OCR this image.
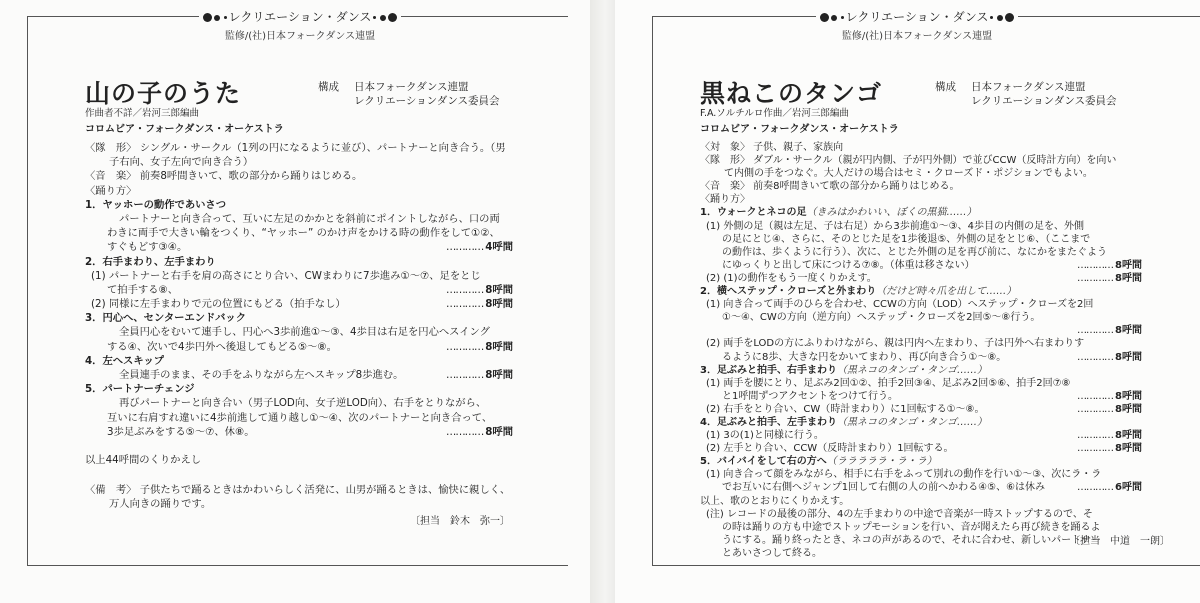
レクリエーション・ダンス
監修/(社)日本フォークダンス連盟
山の子のうた	構成 日本フォークダンス連盟
レクリエーションダンス委員会
作曲者不詳／岩河三郎編曲
コロムビア・フォークダンス・オーケストラ
〈隊　形〉 シングル・サークル（1列の円になるように並び）、パートナーと向き合う。（男
子右向、女子左向で向き合う）
〈音　楽〉 前奏8呼間きいて、歌の部分から踊りはじめる。
〈踊り方〉
1．ヤッホーの動作であいさつ
パートナーと向き合って、互いに左足のかかとを斜前にポイントしながら、口の両
わきに両手で大きい輪をつくり、“ヤッホー” のかけ声をかける時の動作をして①②、
すぐもどす③④。	………… 4呼間
2．右手まわり、左手まわり
(1) パートナーと右手を肩の高さにとり合い、CWまわりに7歩進み①〜⑦、足をとじ
て拍手する⑧、	………… 8呼間
(2) 同様に左手まわりで元の位置にもどる（拍手なし）	………… 8呼間
3．円心へ、センターエンドバック
全員円心をむいて連手し、円心へ3歩前進①〜③、4歩目は右足を円心へスイング
する④、次いで4歩円外へ後退してもどる⑤〜⑧。	………… 8呼間
4．左へスキップ
全員連手のまま、その手をふりながら左へスキップ8歩進む。	………… 8呼間
5．パートナーチェンジ
再びパートナーと向き合い（男子LOD向、女子逆LOD向）、右手をとりながら、
互いに右肩すれ違いに4歩前進して通り越し①〜④、次のパートナーと向き合って、
3歩足ぶみをする⑤〜⑦、休⑧。	………… 8呼間
以上44呼間のくりかえし
〈備　考〉 子供たちで踊るときはかわいらしく活発に、山男が踊るときは、愉快に親しく、
万人向きの踊りです。
〔担当　鈴木　弥一〕
レクリエーション・ダンス
監修/(社)日本フォークダンス連盟
黒ねこのタンゴ	構成 日本フォークダンス連盟
レクリエーションダンス委員会
F.A.ソルチルロ作曲／岩河三郎編曲
コロムビア・フォークダンス・オーケストラ
〈対　象〉 子供、親子、家族向
〈隊　形〉 ダブル・サークル（親が円内側、子が円外側）で並びCCW（反時計方向）を向い
て内側の手をつなぐ。大人だけの場合はセミ・クローズド・ポジションでもよい。
〈音　楽〉 前奏8呼間きいて歌の部分から踊りはじめる。
〈踊り方〉
1．ウォークとネコの足（きみはかわいい、ぼくの黒猫……）
(1) 外側の足（親は左足、子は右足）から3歩前進①〜③、4歩目の内側の足を、外側
の足にとじ④、さらに、そのとじた足を1歩後退⑤、外側の足をとじ⑥、（ここまで
の動作は、歩くように行う）、次に、とじた外側の足を再び前に、なにかをまたぐよう
にゆっくりと出して床につける⑦⑧。（体重は移さない）	………… 8呼間
(2) (1)の動作をもう一度くりかえす。	………… 8呼間
2．横へステップ・クローズと外まわり（だけど時々爪を出して……）
(1) 向き合って両手のひらを合わせ、CCWの方向（LOD）へステップ・クローズを2回
①〜④、CWの方向（逆方向）へステップ・クローズを2回⑤〜⑧行う。
………… 8呼間
(2) 両手をLODの方にふりわけながら、親は円内へ左まわり、子は円外へ右まわりす
るように8歩、大きな円をかいてまわり、再び向き合う①〜⑧。	………… 8呼間
3．足ぶみと拍手、右手まわり（黒ネコのタンゴ・タンゴ……）
(1) 両手を腰にとり、足ぶみ2回①②、拍手2回③④、足ぶみ2回⑤⑥、拍手2回⑦⑧
と1呼間ずつアクセントをつけて行う。	………… 8呼間
(2) 右手をとり合い、CW（時計まわり）に1回転する①〜⑧。	………… 8呼間
4．足ぶみと拍手、左手まわり（黒ネコのタンゴ・タンゴ……）
(1) 3の(1)と同様に行う。	………… 8呼間
(2) 左手とり合い、CCW（反時計まわり）1回転する。	………… 8呼間
5．バイバイをして右の方へ（ラララララ・ラ・ラ）
(1) 向き合って顔をみながら、相手に右手をふって別れの動作を行い①〜③、次にラ・ラ
でお互いに右側へジャンプ1回して右側の人の前へかわる④⑤、⑥は休み	………… 6呼間
以上、歌のとおりにくりかえす。
(注) レコードの最後の部分、4の左手まわりの中途で音楽が一時ストップするので、そ
の時は踊りの方も中途でストップモーションを行い、音が聞えたら再び続きを踊るよ
うにする。踊り終ったとき、ネコの声があるので、それに合わせ、新しいパートナー
とあいさつして終る。
〔担当　中道　一朗〕
